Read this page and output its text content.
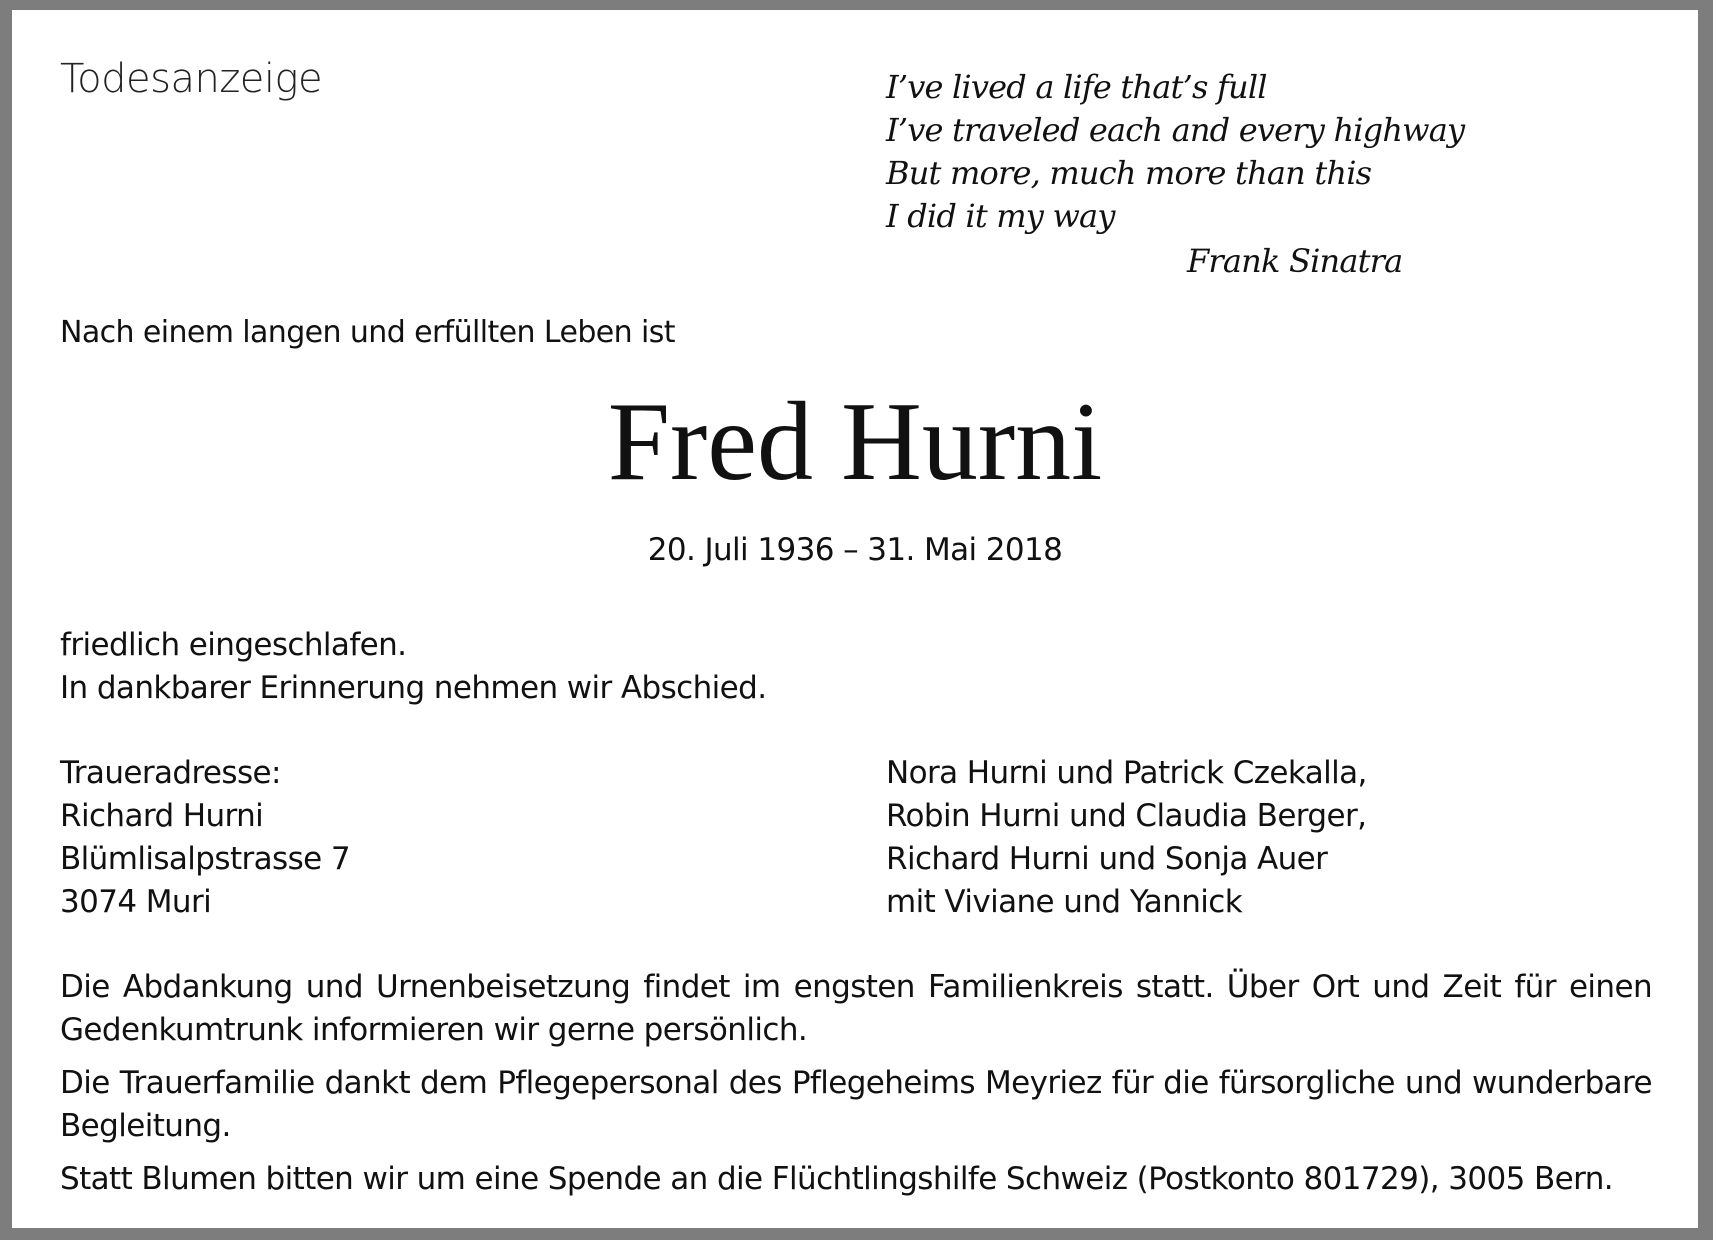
Todesanzeige	I’ve lived a life that’s full
I’ve traveled each and every highway
But more, much more than this
I did it my way
Frank Sinatra
Nach einem langen und erfüllten Leben ist
Fred Hurni
20. Juli 1936 – 31. Mai 2018
friedlich eingeschlafen.
In dankbarer Erinnerung nehmen wir Abschied.
Traueradresse:
Richard Hurni
Blümlisalpstrasse 7
3074 Muri
Nora Hurni und Patrick Czekalla,
Robin Hurni und Claudia Berger,
Richard Hurni und Sonja Auer
mit Viviane und Yannick

Die Abdankung und Urnenbeisetzung findet im engsten Familienkreis statt. Über Ort und Zeit für einen Gedenkumtrunk informieren wir gerne persönlich.

Die Trauerfamilie dankt dem Pflegepersonal des Pflegeheims Meyriez für die fürsorgliche und wunderbare Begleitung.

Statt Blumen bitten wir um eine Spende an die Flüchtlingshilfe Schweiz (Postkonto 801729), 3005 Bern.
